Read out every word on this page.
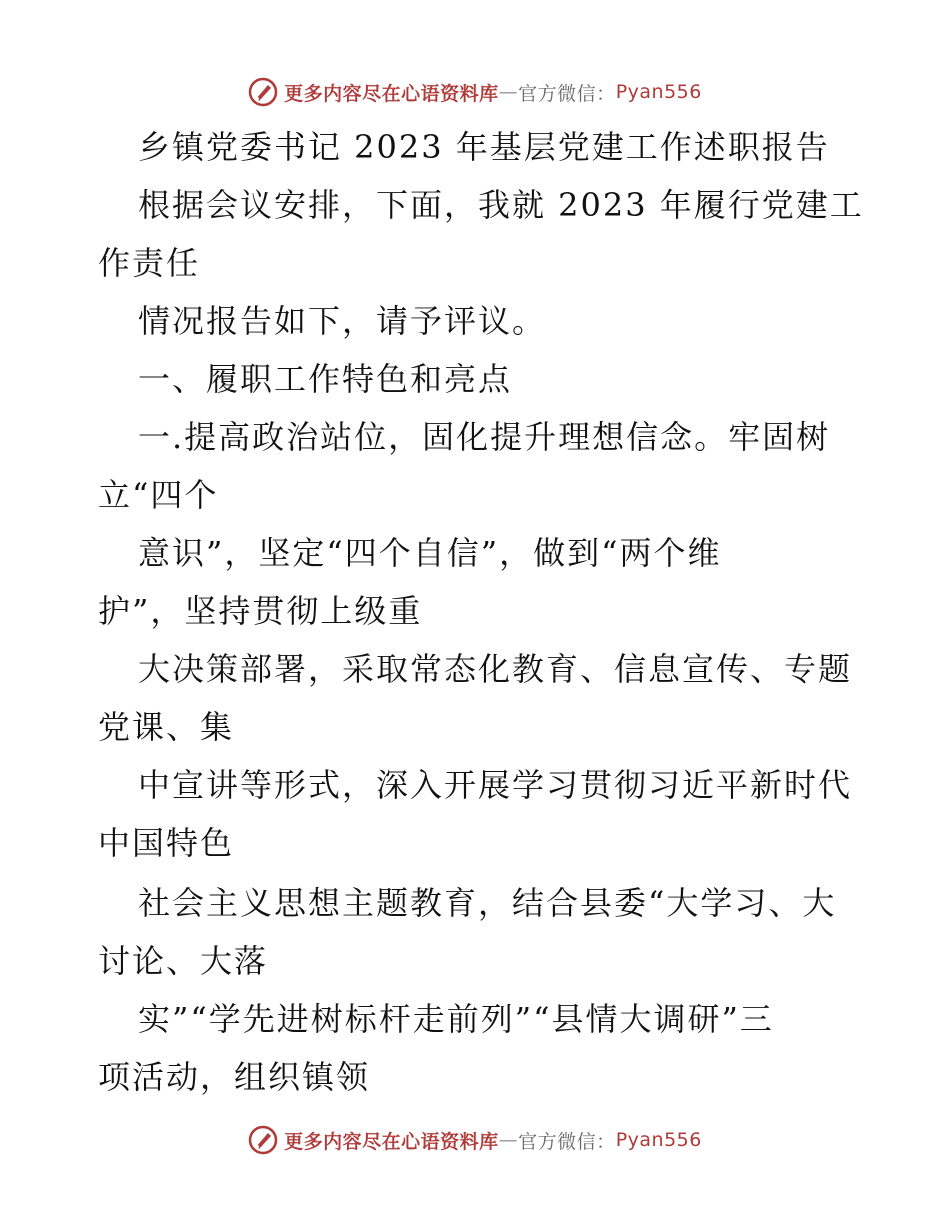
更多内容尽在心语资料库 — 官方微信： Pyan556
乡镇党委书记 2023 年基层党建工作述职报告
根据会议安排，下面，我就 2023 年履行党建工
作责任
情况报告如下，请予评议。
一、履职工作特色和亮点
一.提高政治站位，固化提升理想信念。牢固树
立“四个
意识”，坚定“四个自信”，做到“两个维
护”，坚持贯彻上级重
大决策部署，采取常态化教育、信息宣传、专题
党课、集
中宣讲等形式，深入开展学习贯彻习近平新时代
中国特色
社会主义思想主题教育，结合县委“大学习、大
讨论、大落
实”“学先进树标杆走前列”“县情大调研”三
项活动，组织镇领
更多内容尽在心语资料库 — 官方微信： Pyan556
